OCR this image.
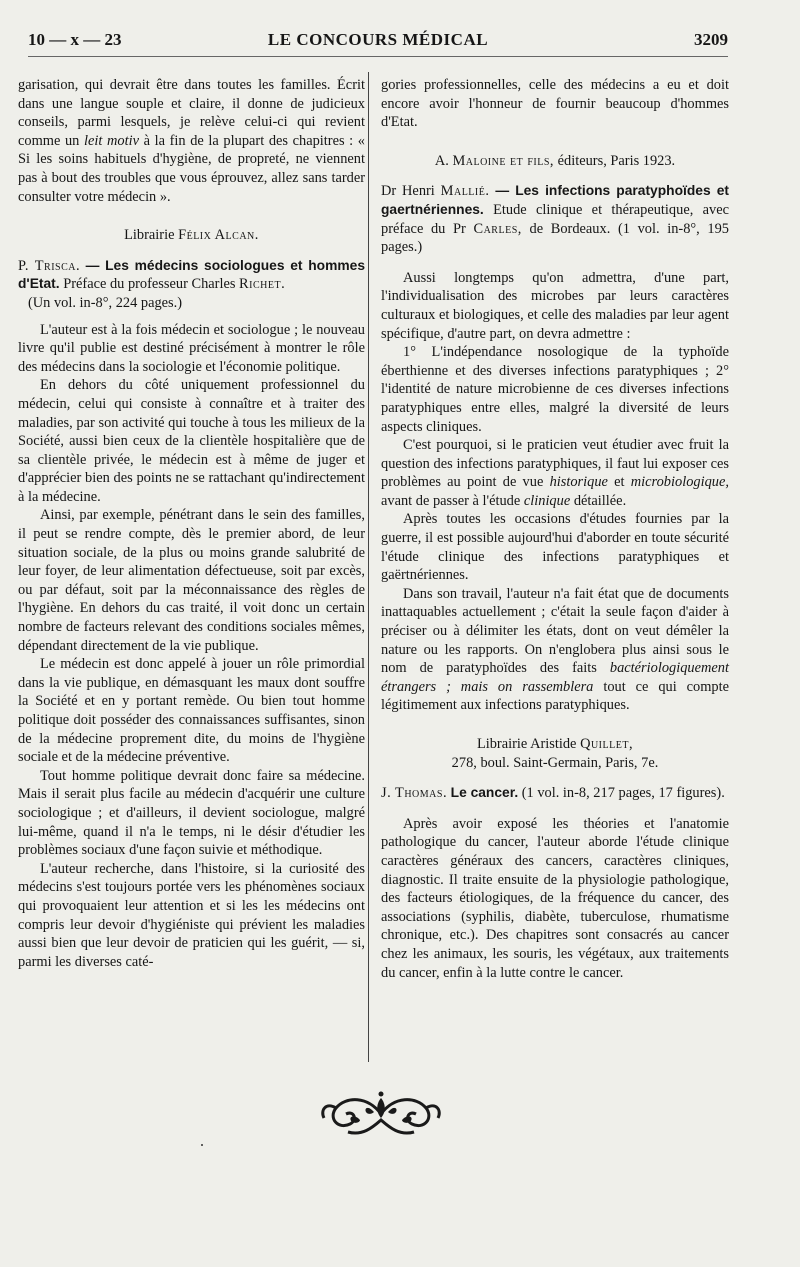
10 — x — 23	LE CONCOURS MÉDICAL	3209

garisation, qui devrait être dans toutes les familles. Écrit dans une langue souple et claire, il donne de judicieux conseils, parmi lesquels, je relève celui-ci qui revient comme un leit motiv à la fin de la plupart des chapitres : « Si les soins habituels d'hygiène, de propreté, ne viennent pas à bout des troubles que vous éprouvez, allez sans tarder consulter votre médecin ».

Librairie Félix Alcan.

P. Trisca. — Les médecins sociologues et hommes d'Etat. Préface du professeur Charles Richet.

(Un vol. in-8°, 224 pages.)

L'auteur est à la fois médecin et sociologue ; le nouveau livre qu'il publie est destiné précisément à montrer le rôle des médecins dans la sociologie et l'économie politique.

En dehors du côté uniquement professionnel du médecin, celui qui consiste à connaître et à traiter des maladies, par son activité qui touche à tous les milieux de la Société, aussi bien ceux de la clientèle hospitalière que de sa clientèle privée, le médecin est à même de juger et d'apprécier bien des points ne se rattachant qu'indirectement à la médecine.

Ainsi, par exemple, pénétrant dans le sein des familles, il peut se rendre compte, dès le premier abord, de leur situation sociale, de la plus ou moins grande salubrité de leur foyer, de leur alimentation défectueuse, soit par excès, ou par défaut, soit par la méconnaissance des règles de l'hygiène. En dehors du cas traité, il voit donc un certain nombre de facteurs relevant des conditions sociales mêmes, dépendant directement de la vie publique.

Le médecin est donc appelé à jouer un rôle primordial dans la vie publique, en démasquant les maux dont souffre la Société et en y portant remède. Ou bien tout homme politique doit posséder des connaissances suffisantes, sinon de la médecine proprement dite, du moins de l'hygiène sociale et de la médecine préventive.

Tout homme politique devrait donc faire sa médecine. Mais il serait plus facile au médecin d'acquérir une culture sociologique ; et d'ailleurs, il devient sociologue, malgré lui-même, quand il n'a le temps, ni le désir d'étudier les problèmes sociaux d'une façon suivie et méthodique.

L'auteur recherche, dans l'histoire, si la curiosité des médecins s'est toujours portée vers les phénomènes sociaux qui provoquaient leur attention et si les les médecins ont compris leur devoir d'hygiéniste qui prévient les maladies aussi bien que leur devoir de praticien qui les guérit, — si, parmi les diverses caté-

gories professionnelles, celle des médecins a eu et doit encore avoir l'honneur de fournir beaucoup d'hommes d'Etat.

A. Maloine et fils, éditeurs, Paris 1923.

Dr Henri Mallié. — Les infections paratyphoïdes et gaertnériennes. Etude clinique et thérapeutique, avec préface du Pr Carles, de Bordeaux. (1 vol. in-8°, 195 pages.)

Aussi longtemps qu'on admettra, d'une part, l'individualisation des microbes par leurs caractères culturaux et biologiques, et celle des maladies par leur agent spécifique, d'autre part, on devra admettre :

1° L'indépendance nosologique de la typhoïde éberthienne et des diverses infections paratyphiques ; 2° l'identité de nature microbienne de ces diverses infections paratyphiques entre elles, malgré la diversité de leurs aspects cliniques.

C'est pourquoi, si le praticien veut étudier avec fruit la question des infections paratyphiques, il faut lui exposer ces problèmes au point de vue historique et microbiologique, avant de passer à l'étude clinique détaillée.

Après toutes les occasions d'études fournies par la guerre, il est possible aujourd'hui d'aborder en toute sécurité l'étude clinique des infections paratyphiques et gaërtnériennes.

Dans son travail, l'auteur n'a fait état que de documents inattaquables actuellement ; c'était la seule façon d'aider à préciser ou à délimiter les états, dont on veut démêler la nature ou les rapports. On n'englobera plus ainsi sous le nom de paratyphoïdes des faits bactériologiquement étrangers ; mais on rassemblera tout ce qui compte légitimement aux infections paratyphiques.

Librairie Aristide Quillet,

278, boul. Saint-Germain, Paris, 7e.

J. Thomas. Le cancer. (1 vol. in-8, 217 pages, 17 figures).

Après avoir exposé les théories et l'anatomie pathologique du cancer, l'auteur aborde l'étude clinique caractères généraux des cancers, caractères cliniques, diagnostic. Il traite ensuite de la physiologie pathologique, des facteurs étiologiques, de la fréquence du cancer, des associations (syphilis, diabète, tuberculose, rhumatisme chronique, etc.). Des chapitres sont consacrés au cancer chez les animaux, les souris, les végétaux, aux traitements du cancer, enfin à la lutte contre le cancer.
